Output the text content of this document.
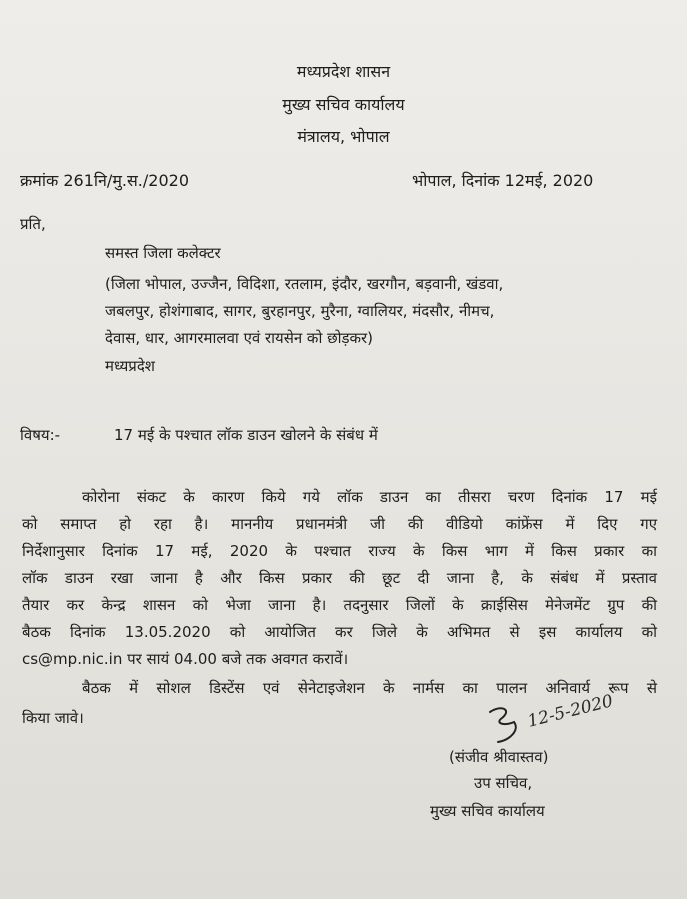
मध्यप्रदेश शासन
मुख्य सचिव कार्यालय
मंत्रालय, भोपाल
क्रमांक 261नि/मु.स./2020	भोपाल, दिनांक 12मई, 2020
प्रति,
समस्त जिला कलेक्टर
(जिला भोपाल, उज्जैन, विदिशा, रतलाम, इंदौर, खरगौन, बड़वानी, खंडवा,
जबलपुर, होशंगाबाद, सागर, बुरहानपुर, मुरैना, ग्वालियर, मंदसौर, नीमच,
देवास, धार, आगरमालवा एवं रायसेन को छोड़कर)
मध्यप्रदेश
विषय:-	17 मई के पश्चात लॉक डाउन खोलने के संबंध में
कोरोना संकट के कारण किये गये लॉक डाउन का तीसरा चरण दिनांक 17 मई
को समाप्त हो रहा है। माननीय प्रधानमंत्री जी की वीडियो कांफ्रेंस में दिए गए
निर्देशानुसार दिनांक 17 मई, 2020 के पश्चात राज्य के किस भाग में किस प्रकार का
लॉक डाउन रखा जाना है और किस प्रकार की छूट दी जाना है, के संबंध में प्रस्ताव
तैयार कर केन्द्र शासन को भेजा जाना है। तदनुसार जिलों के क्राईसिस मेनेजमेंट ग्रुप की
बैठक दिनांक 13.05.2020 को आयोजित कर जिले के अभिमत से इस कार्यालय को
cs@mp.nic.in पर सायं 04.00 बजे तक अवगत करावें।
बैठक में सोशल डिस्टेंस एवं सेनेटाइजेशन के नार्मस का पालन अनिवार्य रूप से
किया जावे।	12-5-2020
(संजीव श्रीवास्तव)
उप सचिव,
मुख्य सचिव कार्यालय
